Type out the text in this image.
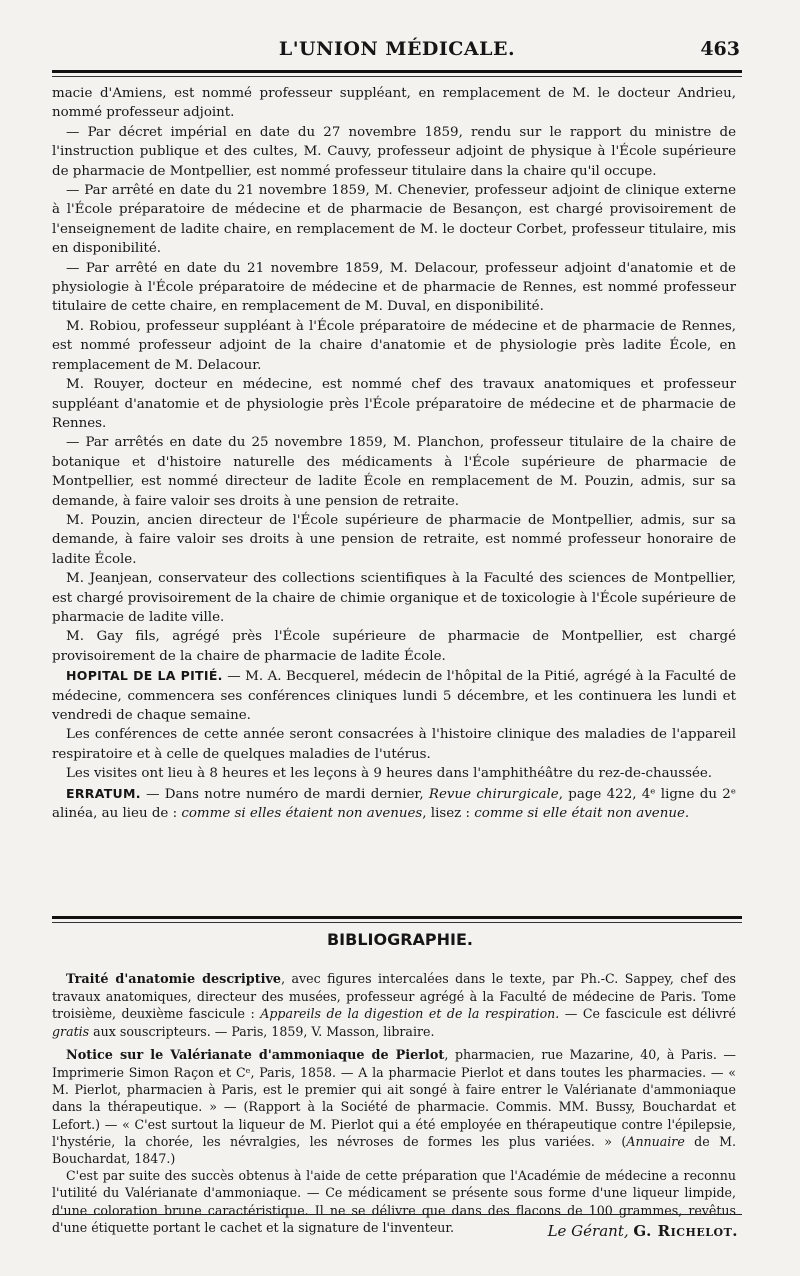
L'UNION MÉDICALE.	463

macie d'Amiens, est nommé professeur suppléant, en remplacement de M. le docteur Andrieu, nommé professeur adjoint.

— Par décret impérial en date du 27 novembre 1859, rendu sur le rapport du ministre de l'instruction publique et des cultes, M. Cauvy, professeur adjoint de physique à l'École supérieure de pharmacie de Montpellier, est nommé professeur titulaire dans la chaire qu'il occupe.

— Par arrêté en date du 21 novembre 1859, M. Chenevier, professeur adjoint de clinique externe à l'École préparatoire de médecine et de pharmacie de Besançon, est chargé provisoirement de l'enseignement de ladite chaire, en remplacement de M. le docteur Corbet, professeur titulaire, mis en disponibilité.

— Par arrêté en date du 21 novembre 1859, M. Delacour, professeur adjoint d'anatomie et de physiologie à l'École préparatoire de médecine et de pharmacie de Rennes, est nommé professeur titulaire de cette chaire, en remplacement de M. Duval, en disponibilité.

M. Robiou, professeur suppléant à l'École préparatoire de médecine et de pharmacie de Rennes, est nommé professeur adjoint de la chaire d'anatomie et de physiologie près ladite École, en remplacement de M. Delacour.

M. Rouyer, docteur en médecine, est nommé chef des travaux anatomiques et professeur suppléant d'anatomie et de physiologie près l'École préparatoire de médecine et de pharmacie de Rennes.

— Par arrêtés en date du 25 novembre 1859, M. Planchon, professeur titulaire de la chaire de botanique et d'histoire naturelle des médicaments à l'École supérieure de pharmacie de Montpellier, est nommé directeur de ladite École en remplacement de M. Pouzin, admis, sur sa demande, à faire valoir ses droits à une pension de retraite.

M. Pouzin, ancien directeur de l'École supérieure de pharmacie de Montpellier, admis, sur sa demande, à faire valoir ses droits à une pension de retraite, est nommé professeur honoraire de ladite École.

M. Jeanjean, conservateur des collections scientifiques à la Faculté des sciences de Montpellier, est chargé provisoirement de la chaire de chimie organique et de toxicologie à l'École supérieure de pharmacie de ladite ville.

M. Gay fils, agrégé près l'École supérieure de pharmacie de Montpellier, est chargé provisoirement de la chaire de pharmacie de ladite École.

HOPITAL DE LA PITIÉ. — M. A. Becquerel, médecin de l'hôpital de la Pitié, agrégé à la Faculté de médecine, commencera ses conférences cliniques lundi 5 décembre, et les continuera les lundi et vendredi de chaque semaine.

Les conférences de cette année seront consacrées à l'histoire clinique des maladies de l'appareil respiratoire et à celle de quelques maladies de l'utérus.

Les visites ont lieu à 8 heures et les leçons à 9 heures dans l'amphithéâtre du rez-de-chaussée.

ERRATUM. — Dans notre numéro de mardi dernier, Revue chirurgicale, page 422, 4ᵉ ligne du 2ᵉ alinéa, au lieu de : comme si elles étaient non avenues, lisez : comme si elle était non avenue.

BIBLIOGRAPHIE.

Traité d'anatomie descriptive, avec figures intercalées dans le texte, par Ph.-C. Sappey, chef des travaux anatomiques, directeur des musées, professeur agrégé à la Faculté de médecine de Paris. Tome troisième, deuxième fascicule : Appareils de la digestion et de la respiration. — Ce fascicule est délivré gratis aux souscripteurs. — Paris, 1859, V. Masson, libraire.

Notice sur le Valérianate d'ammoniaque de Pierlot, pharmacien, rue Mazarine, 40, à Paris. — Imprimerie Simon Raçon et Cᵉ, Paris, 1858. — A la pharmacie Pierlot et dans toutes les pharmacies. — « M. Pierlot, pharmacien à Paris, est le premier qui ait songé à faire entrer le Valérianate d'ammoniaque dans la thérapeutique. » — (Rapport à la Société de pharmacie. Commis. MM. Bussy, Bouchardat et Lefort.) — « C'est surtout la liqueur de M. Pierlot qui a été employée en thérapeutique contre l'épilepsie, l'hystérie, la chorée, les névralgies, les névroses de formes les plus variées. » (Annuaire de M. Bouchardat, 1847.)

C'est par suite des succès obtenus à l'aide de cette préparation que l'Académie de médecine a reconnu l'utilité du Valérianate d'ammoniaque. — Ce médicament se présente sous forme d'une liqueur limpide, d'une coloration brune caractéristique. Il ne se délivre que dans des flacons de 100 grammes, revêtus d'une étiquette portant le cachet et la signature de l'inventeur.	Le Gérant, G. Richelot.
